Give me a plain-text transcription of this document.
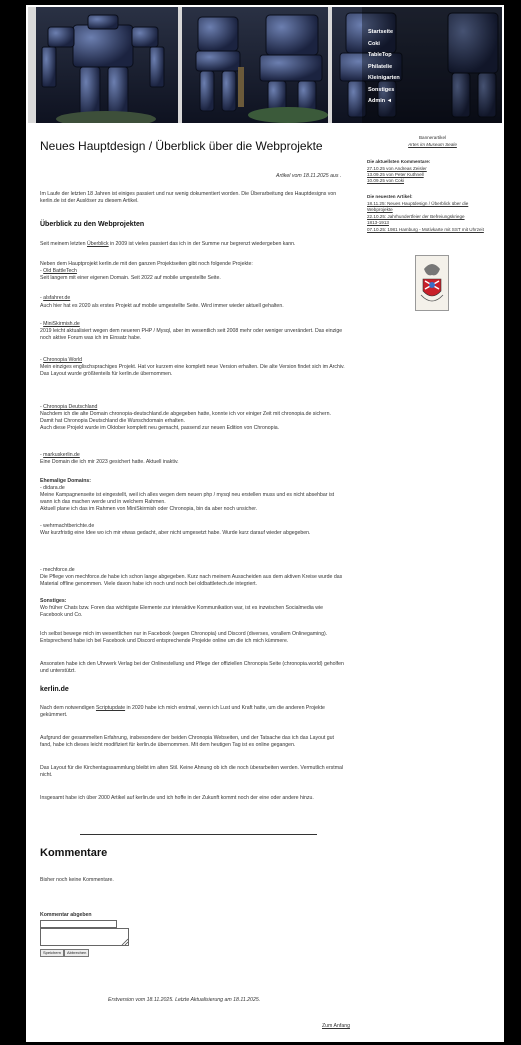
Startseite
Coki
TableTop
Philatelie
Kleinigarten
Sonstiges
Admin ◄
Neues Hauptdesign / Überblick über die Webprojekte

Artikel vom 18.11.2025 aus .

Im Laufe der letzten 18 Jahren ist einiges passiert und nur wenig dokumentiert worden. Die Überarbeitung des Hauptdesigns von kerlin.de ist der Auslöser zu diesem Artikel.

Überblick zu den Webprojekten

Seit meinem letzten Überblick in 2009 ist vieles passiert das ich in der Summe nur begrenzt wiedergeben kann.

Neben dem Hauptprojekt kerlin.de mit den ganzen Projektseiten gibt noch folgende Projekte:

- Old BattleTech

Seit langem mit einer eigenen Domain. Seit 2022 auf mobile umgestellte Seite.

- alsfahrer.de

Auch hier hat es 2020 als erstes Projekt auf mobile umgestellte Seite. Wird immer wieder aktuell gehalten.

- MiniSkirmish.de

2019 leicht aktualisiert wegen dem neueren PHP / Mysql, aber im wesentlich seit 2008 mehr oder weniger unverändert. Das einzige noch aktive Forum was ich im Einsatz habe.

- Chronopia World

Mein einziges englischsprachiges Projekt. Hat vor kurzem eine komplett neue Version erhalten. Die alte Version findet sich im Archiv.
Das Layout wurde größtenteils für kerlin.de übernommen.

- Chronopia Deutschland

Nachdem ich die alte Domain chronopia-deutschland.de abgegeben hatte, konnte ich vor einiger Zeit mit chronopia.de sichern. Damit hat Chronopia Deutschland die Wunschdomain erhalten.
Auch diese Projekt wurde im Oktober komplett neu gemacht, passend zur neuen Edition von Chronopia.

- markuskerlin.de

Eine Domain die ich mir 2023 gesichert hatte. Aktuell inaktiv.

Ehemalige Domains:

- didara.de

Meine Kampagnenseite ist eingestellt, weil ich alles wegen dem neuen php / mysql neu erstellen muss und es nicht absehbar ist wann ich das machen werde und in welchem Rahmen.
Aktuell plane ich das im Rahmen von MiniSkirmish oder Chronopia, bin da aber noch unsicher.

- wehrmachtberichte.de

War kurzfristig eine Idee wo ich mir etwas gedacht, aber nicht umgesetzt habe. Wurde kurz darauf wieder abgegeben.

- mechforce.de

Die Pflege von mechforce.de habe ich schon lange abgegeben. Kurz nach meinem Ausscheiden aus dem aktiven Kreise wurde das Material offline genommen. Viele davon habe ich noch und noch bei oldbattletech.de integriert.

Sonstiges:

Wo früher Chats bzw. Foren das wichtigste Elemente zur interaktive Kommunikation war, ist es inzwischen Socialmedia wie Facebook und Co.

Ich selbst bewege mich im wesentlichen nur in Facebook (wegen Chronopia) und Discord (diverses, vorallem Onlinegaming). Entsprechend habe ich bei Facebook und Discord entsprechende Projekte online um die ich mich kümmere.

Ansonsten habe ich den Uhrwerk Verlag bei der Onlinestellung und Pflege der offiziellen Chronopia Seite (chronopia.world) geholfen und unterstützt.

kerlin.de

Nach dem notwendigen Scriptupdate in 2020 habe ich mich erstmal, wenn ich Lust und Kraft hatte, um die anderen Projekte gekümmert.

Aufgrund der gesammelten Erfahrung, insbesondere der beiden Chronopia Webseiten, und der Tatsache das ich das Layout gut fand, habe ich dieses leicht modifiziert für kerlin.de übernommen. Mit dem heutigen Tag ist es online gegangen.

Das Layout für die Kirchentagssammlung bleibt im alten Stil. Keine Ahnung ob ich die noch überarbeiten werden. Vermutlich erstmal nicht.

Insgesamt habe ich über 2000 Artikel auf kerlin.de und ich hoffe in der Zukunft kommt noch der eine oder andere hinzu.

Kommentare

Bisher noch keine Kommentare.

Kommentar abgeben

Speichern	Abbrechen

Erstversion vom 18.11.2025. Letzte Aktualisierung am 18.11.2025.

Zum Anfang

Bannerartikel

Artes im Museum Seale

Die aktuellsten Kommentare:

27.10.25 von Andreas Zeisler
13.09.25 von Peter Kuthnell
10.09.25 von Coki

Die neuesten Artikel:

18.11.25: Neues Hauptdesign / Überblick über die
Webprojekte
22.10.25: Jahrhundertfeier der Befreiungskriege
1813-1913
07.10.25: 1981 Hamburg - Motivkarte mit SST mit Uhrzeit
